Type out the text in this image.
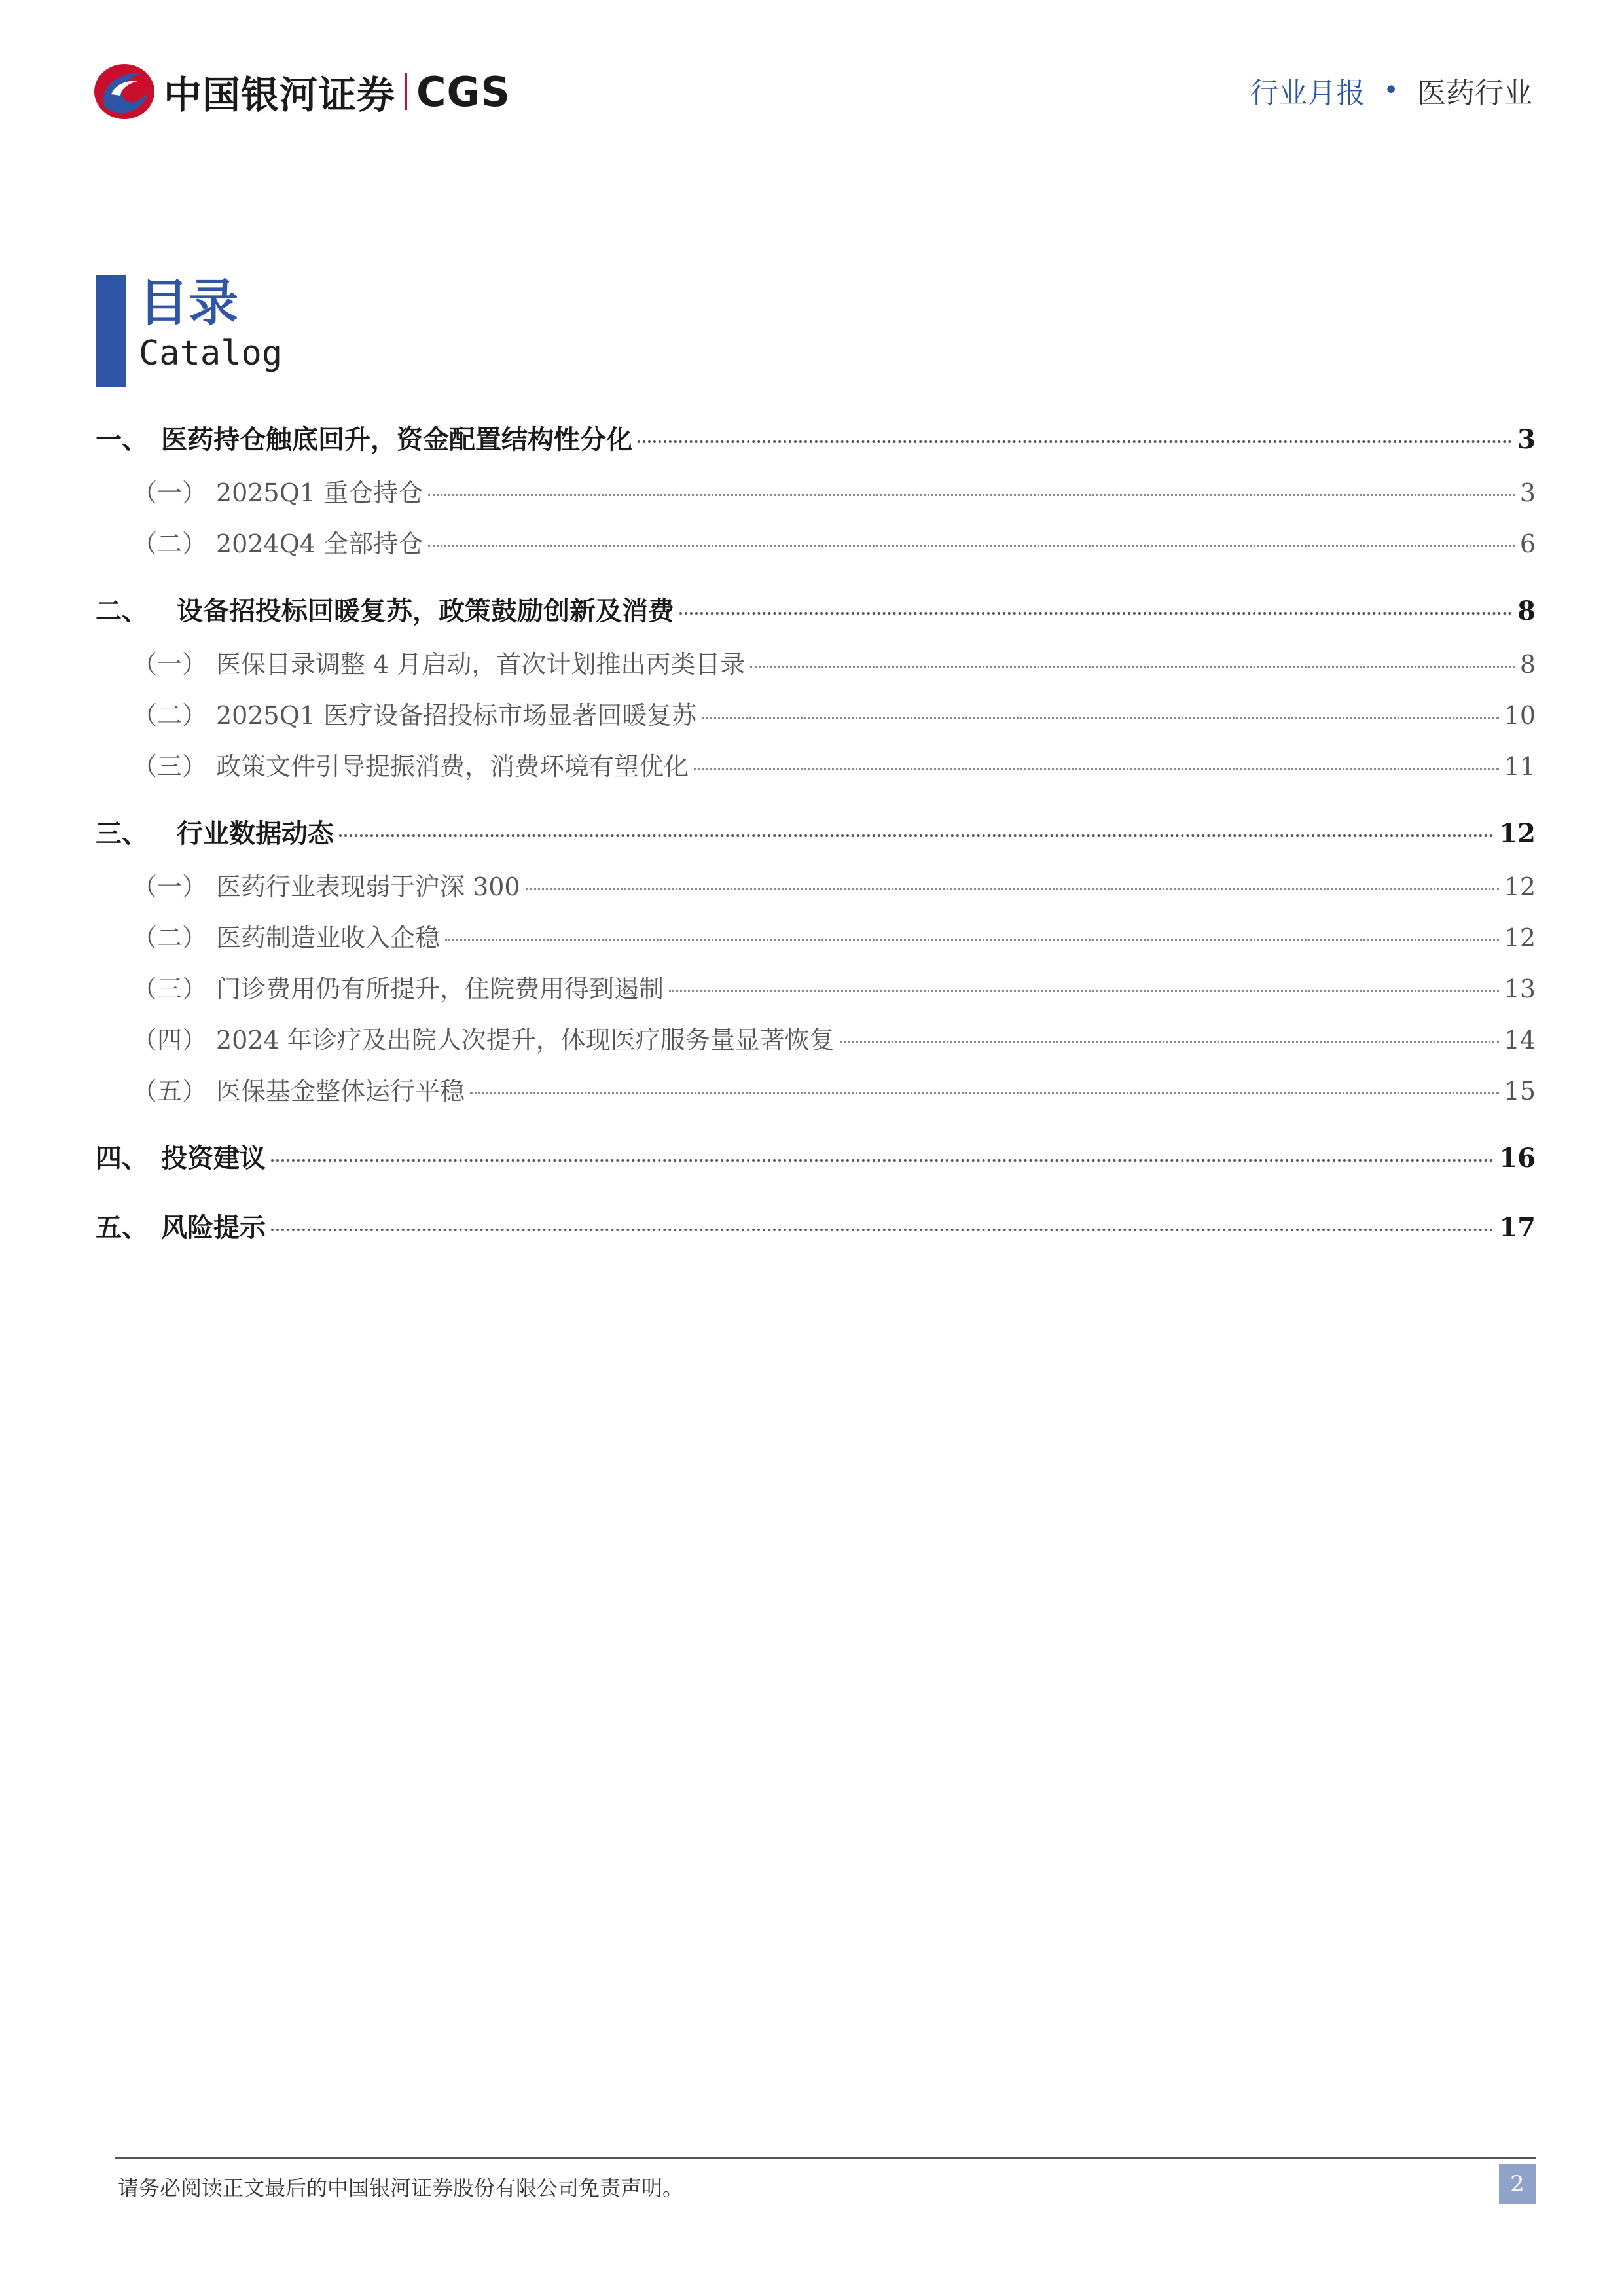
中国银河证券 CGS	行业月报 • 医药行业
目录
Catalog
一、 医药持仓触底回升，资金配置结构性分化	3
（一） 2025Q1 重仓持仓	3
（二） 2024Q4 全部持仓	6
二、	设备招投标回暖复苏，政策鼓励创新及消费	8
（一） 医保目录调整 4 月启动，首次计划推出丙类目录	8
（二） 2025Q1 医疗设备招投标市场显著回暖复苏	10
（三） 政策文件引导提振消费，消费环境有望优化	11
三、	行业数据动态	12
（一） 医药行业表现弱于沪深 300	12
（二） 医药制造业收入企稳	12
（三） 门诊费用仍有所提升，住院费用得到遏制	13
（四） 2024 年诊疗及出院人次提升，体现医疗服务量显著恢复	14
（五） 医保基金整体运行平稳	15
四、 投资建议	16
五、 风险提示	17
请务必阅读正文最后的中国银河证券股份有限公司免责声明。	2
